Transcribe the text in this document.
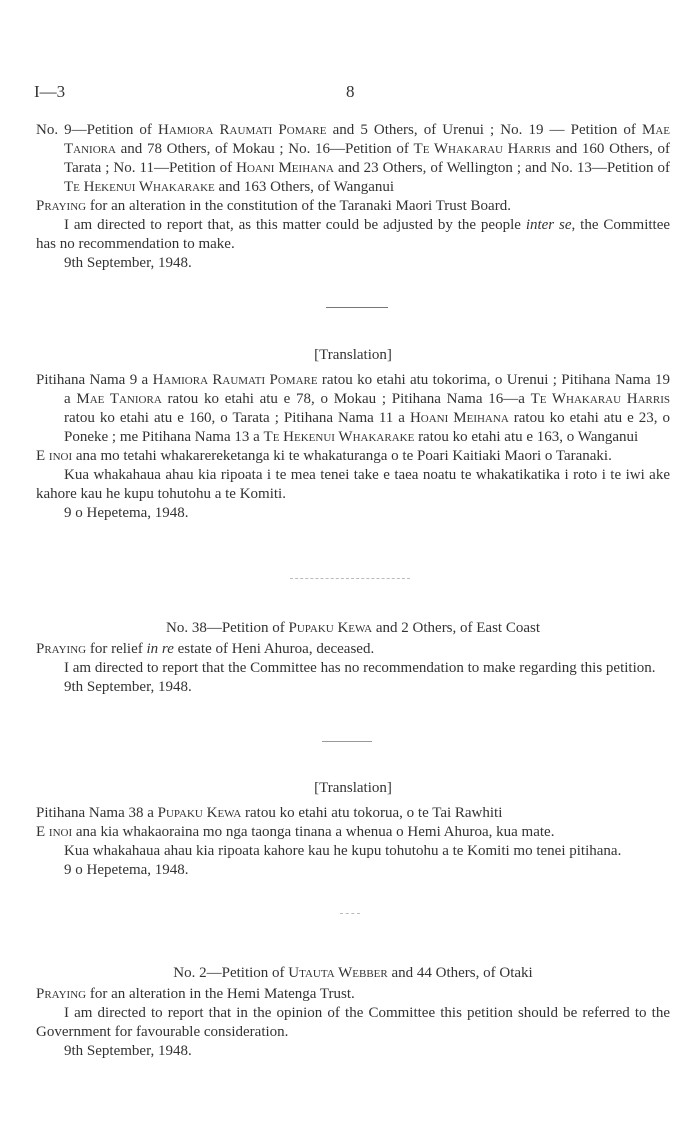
I—3	8

No. 9—Petition of Hamiora Raumati Pomare and 5 Others, of Urenui ; No. 19 — Petition of Mae Taniora and 78 Others, of Mokau ; No. 16—Petition of Te Whakarau Harris and 160 Others, of Tarata ; No. 11—Petition of Hoani Meihana and 23 Others, of Wellington ; and No. 13—Petition of Te Hekenui Whakarake and 163 Others, of Wanganui

Praying for an alteration in the constitution of the Taranaki Maori Trust Board.

I am directed to report that, as this matter could be adjusted by the people inter se, the Committee has no recommendation to make.

9th September, 1948.

[Translation]

Pitihana Nama 9 a Hamiora Raumati Pomare ratou ko etahi atu tokorima, o Urenui ; Pitihana Nama 19 a Mae Taniora ratou ko etahi atu e 78, o Mokau ; Pitihana Nama 16—a Te Whakarau Harris ratou ko etahi atu e 160, o Tarata ; Pitihana Nama 11 a Hoani Meihana ratou ko etahi atu e 23, o Poneke ; me Pitihana Nama 13 a Te Hekenui Whakarake ratou ko etahi atu e 163, o Wanganui

E inoi ana mo tetahi whakarereketanga ki te whakaturanga o te Poari Kaitiaki Maori o Taranaki.

Kua whakahaua ahau kia ripoata i te mea tenei take e taea noatu te whakatikatika i roto i te iwi ake kahore kau he kupu tohutohu a te Komiti.

9 o Hepetema, 1948.

No. 38—Petition of Pupaku Kewa and 2 Others, of East Coast

Praying for relief in re estate of Heni Ahuroa, deceased.

I am directed to report that the Committee has no recommendation to make regarding this petition.

9th September, 1948.

[Translation]

Pitihana Nama 38 a Pupaku Kewa ratou ko etahi atu tokorua, o te Tai Rawhiti

E inoi ana kia whakaoraina mo nga taonga tinana a whenua o Hemi Ahuroa, kua mate.

Kua whakahaua ahau kia ripoata kahore kau he kupu tohutohu a te Komiti mo tenei pitihana.

9 o Hepetema, 1948.

No. 2—Petition of Utauta Webber and 44 Others, of Otaki

Praying for an alteration in the Hemi Matenga Trust.

I am directed to report that in the opinion of the Committee this petition should be referred to the Government for favourable consideration.

9th September, 1948.
